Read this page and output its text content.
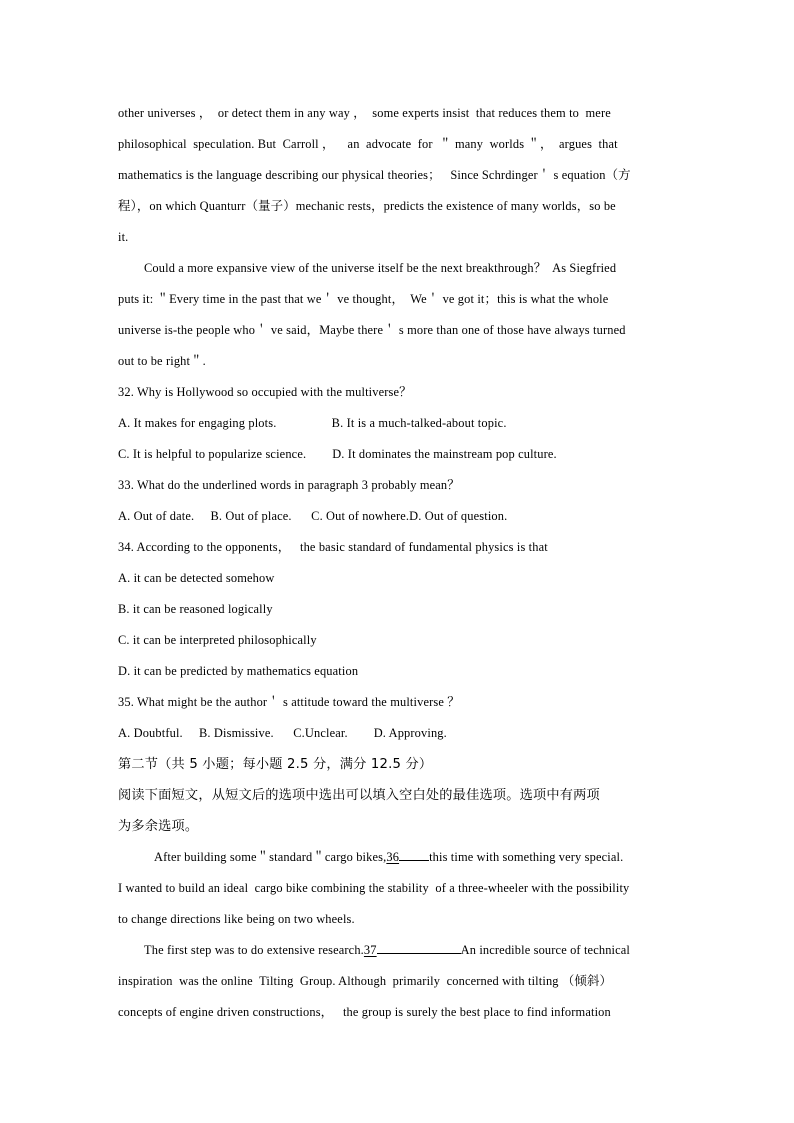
other universes ，  or detect them in any way ，  some experts insist  that reduces them to  mere

philosophical  speculation. But  Carroll ，    an  advocate  for  ＂ many  worlds ＂，  argues  that

mathematics is the language describing our physical theories；   Since Schrdinger＇ s equation（方

程），on which Quanturr（量子）mechanic rests，predicts the existence of many worlds，so be

it.

Could a more expansive view of the universe itself be the next breakthrough？  As Siegfried

puts it: ＂Every time in the past that we＇ ve thought，  We＇ ve got it；this is what the whole

universe is-the people who＇ ve said，Maybe there＇ s more than one of those have always turned

out to be right＂.

32. Why is Hollywood so occupied with the multiverse？

A. It makes for engaging plots.                 B. It is a much-talked-about topic.

C. It is helpful to popularize science.        D. It dominates the mainstream pop culture.

33. What do the underlined words in paragraph 3 probably mean？

A. Out of date.     B. Out of place.      C. Out of nowhere.D. Out of question.

34. According to the opponents，   the basic standard of fundamental physics is that

A. it can be detected somehow

B. it can be reasoned logically

C. it can be interpreted philosophically

D. it can be predicted by mathematics equation

35. What might be the author＇ s attitude toward the multiverse ？

A. Doubtful.     B. Dismissive.      C.Unclear.        D. Approving.

第二节（共 5 小题；每小题 2.5 分，满分 12.5 分）

阅读下面短文，从短文后的选项中选出可以填入空白处的最佳选项。选项中有两项

为多余选项。

After building some＂standard＂cargo bikes,36 this time with something very special.

I wanted to build an ideal  cargo bike combining the stability  of a three-wheeler with the possibility

to change directions like being on two wheels.

The first step was to do extensive research.37	An incredible source of technical

inspiration  was the online  Tilting  Group. Although  primarily  concerned with tilting （倾斜）

concepts of engine driven constructions，   the group is surely the best place to find information
